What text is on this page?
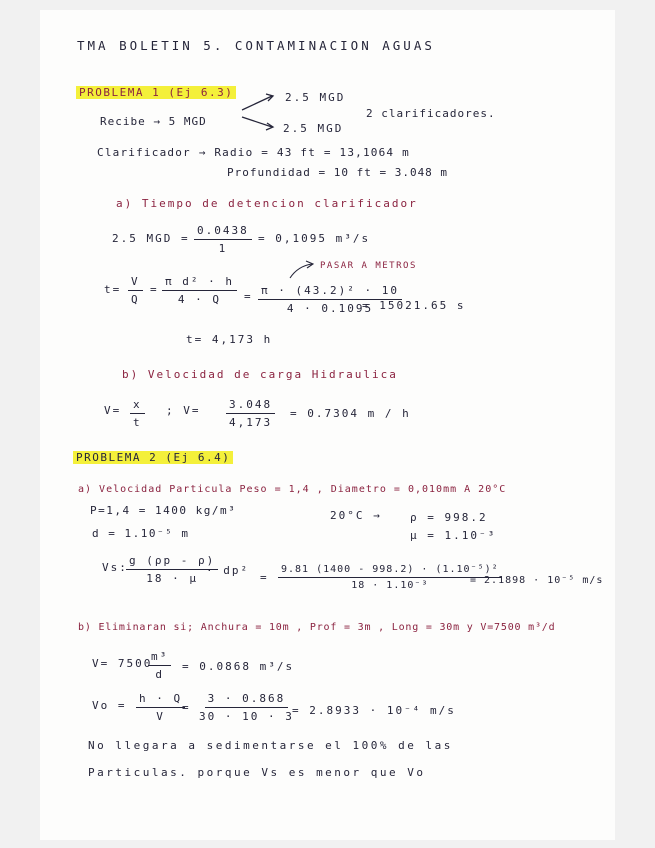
TMA BOLETIN 5. CONTAMINACION AGUAS
PROBLEMA 1 (Ej 6.3)	2.5 MGD
2.5 MGD
2 clarificadores.
Recibe → 5 MGD
Clarificador → Radio = 43 ft = 13,1064 m
Profundidad = 10 ft = 3.048 m
a) Tiempo de detencion clarificador
2.5 MGD = $\frac{0.0438}{1} = 0,1095$ m³/s
PASAR A METROS
$t= \frac{V}{Q} = \frac{\text{π d² · h}}{4 \cdot Q} = \frac{\text{π · (43.2)² · 10}}{4 \cdot 0.1095}$
= 15021.65 s
t= 4,173 h
b) Velocidad de carga Hidraulica
$V= \frac{x}{t}$ ; $V= \frac{3.048}{4,173} = 0.7304$ m / h
PROBLEMA 2 (Ej 6.4)
a) Velocidad Particula Peso = 1,4 , Diametro = 0,010mm A 20°C
P=1,4 = 1400 kg/m³
d = 1.10⁻⁵ m
20°C →	ρ = 998.2
μ = 1.10⁻³
Vs:
$\frac{g (\rho p - \rho)}{18 \cdot \mu}$
· dp²
= $\frac{\text{9.81 (1400 - 998.2) · (1.10⁻⁵)²}}{\text{18 · 1.10⁻³}}$
= 2.1898 · 10⁻⁵ m/s
b) Eliminaran si; Anchura = 10m , Prof = 3m , Long = 30m y V=7500 m³/d
V= 7500
$\frac{\text{m³}}{d} = 0.0868$ m³/s
$Vo = \frac{h \cdot Q}{V}$
= $\frac{3 \cdot 0.868}{30 \cdot 10 \cdot 3}$
= 2.8933 · 10⁻⁴ m/s
No llegara a sedimentarse el 100% de las
Particulas. porque Vs es menor que Vo
